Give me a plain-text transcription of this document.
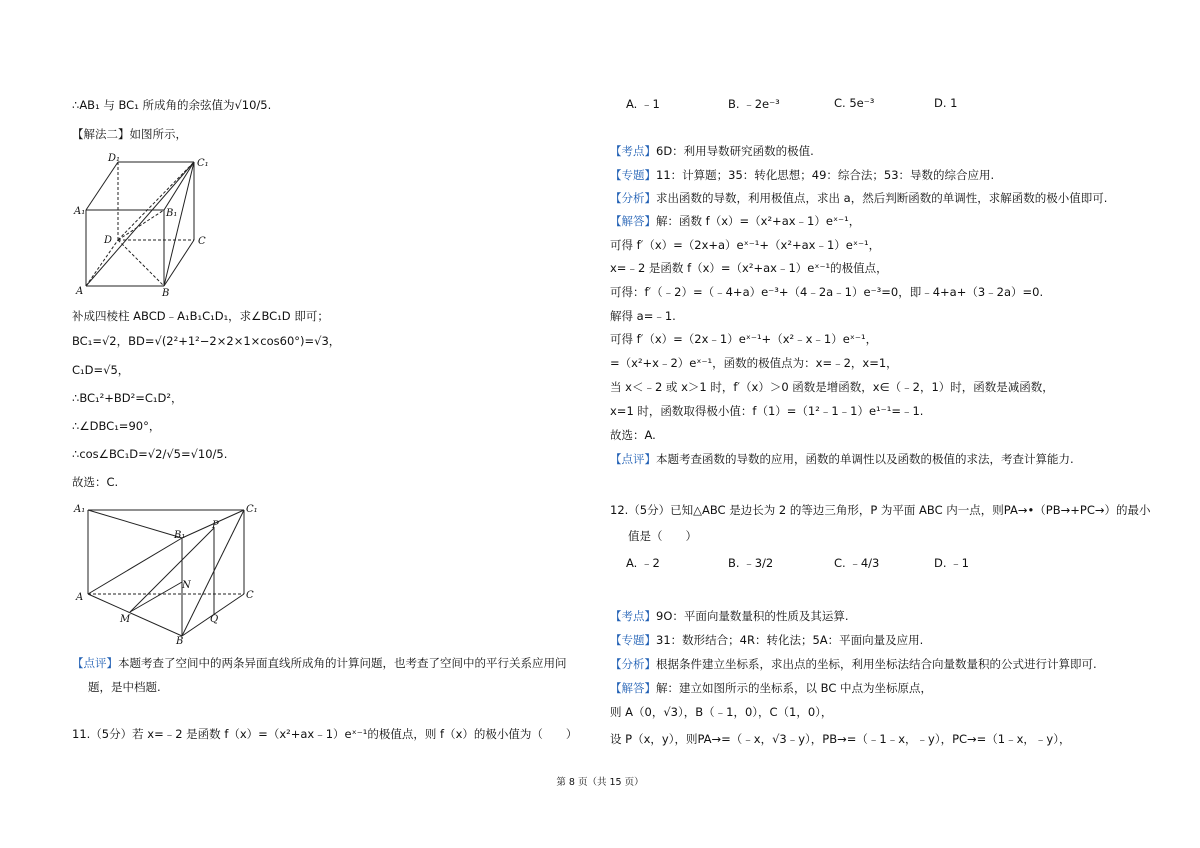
∴AB₁ 与 BC₁ 所成角的余弦值为√10/5.
【解法二】如图所示，
D₁	C₁
A₁	B₁
D	C
A	B
补成四棱柱 ABCD﹣A₁B₁C₁D₁，求∠BC₁D 即可；
BC₁=√2，BD=√(2²+1²−2×2×1×cos60°)=√3，
C₁D=√5，
∴BC₁²+BD²=C₁D²，
∴∠DBC₁=90°，
∴cos∠BC₁D=√2/√5=√10/5.
故选：C.
A₁	C₁
B₁
P
N
A	C
M	Q
B
【点评】本题考查了空间中的两条异面直线所成角的计算问题，也考查了空间中的平行关系应用问
题，是中档题.
11.（5分）若 x=﹣2 是函数 f（x）=（x²+ax﹣1）eˣ⁻¹的极值点，则 f（x）的极小值为（　　）
A. ﹣1	B. ﹣2e⁻³	C. 5e⁻³	D. 1
【考点】6D：利用导数研究函数的极值.
【专题】11：计算题；35：转化思想；49：综合法；53：导数的综合应用.
【分析】求出函数的导数，利用极值点，求出 a，然后判断函数的单调性，求解函数的极小值即可.
【解答】解：函数 f（x）=（x²+ax﹣1）eˣ⁻¹，
可得 f′（x）=（2x+a）eˣ⁻¹+（x²+ax﹣1）eˣ⁻¹，
x=﹣2 是函数 f（x）=（x²+ax﹣1）eˣ⁻¹的极值点，
可得：f′（﹣2）=（﹣4+a）e⁻³+（4﹣2a﹣1）e⁻³=0，即﹣4+a+（3﹣2a）=0.
解得 a=﹣1.
可得 f′（x）=（2x﹣1）eˣ⁻¹+（x²﹣x﹣1）eˣ⁻¹，
=（x²+x﹣2）eˣ⁻¹，函数的极值点为：x=﹣2，x=1，
当 x＜﹣2 或 x＞1 时，f′（x）＞0 函数是增函数，x∈（﹣2，1）时，函数是减函数，
x=1 时，函数取得极小值：f（1）=（1²﹣1﹣1）e¹⁻¹=﹣1.
故选：A.
【点评】本题考查函数的导数的应用，函数的单调性以及函数的极值的求法，考查计算能力.
12.（5分）已知△ABC 是边长为 2 的等边三角形，P 为平面 ABC 内一点，则PA→•（PB→+PC→）的最小
值是（　　）
A. ﹣2	B. ﹣3/2	C. ﹣4/3	D. ﹣1
【考点】9O：平面向量数量积的性质及其运算.
【专题】31：数形结合；4R：转化法；5A：平面向量及应用.
【分析】根据条件建立坐标系，求出点的坐标，利用坐标法结合向量数量积的公式进行计算即可.
【解答】解：建立如图所示的坐标系，以 BC 中点为坐标原点，
则 A（0，√3），B（﹣1，0），C（1，0），
设 P（x，y），则PA→=（﹣x，√3﹣y），PB→=（﹣1﹣x，﹣y），PC→=（1﹣x，﹣y），
第 8 页（共 15 页）
